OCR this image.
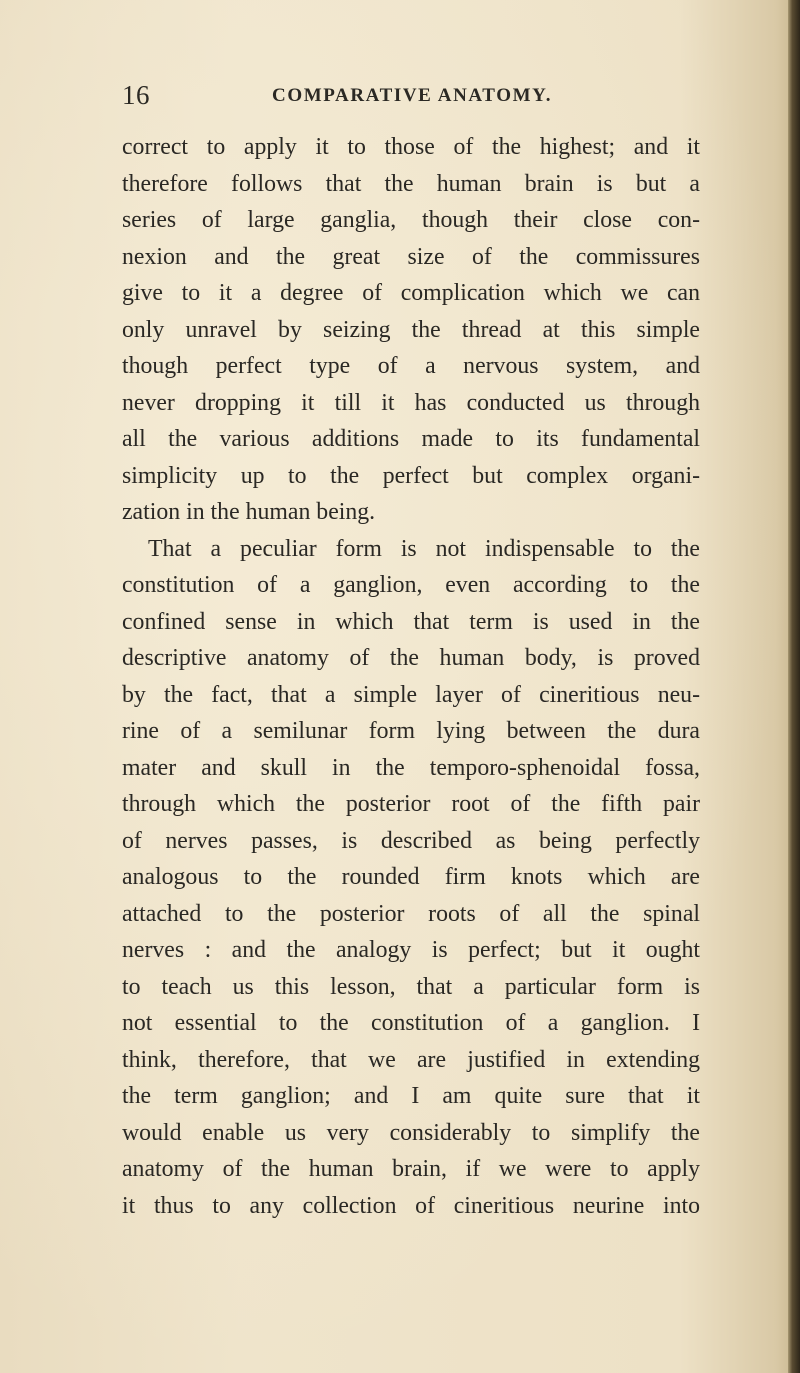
16	COMPARATIVE ANATOMY.
correct to apply it to those of the highest; and it
therefore follows that the human brain is but a
series of large ganglia, though their close con-
nexion and the great size of the commissures
give to it a degree of complication which we can
only unravel by seizing the thread at this simple
though perfect type of a nervous system, and
never dropping it till it has conducted us through
all the various additions made to its fundamental
simplicity up to the perfect but complex organi-
zation in the human being.
That a peculiar form is not indispensable to the
constitution of a ganglion, even according to the
confined sense in which that term is used in the
descriptive anatomy of the human body, is proved
by the fact, that a simple layer of cineritious neu-
rine of a semilunar form lying between the dura
mater and skull in the temporo-sphenoidal fossa,
through which the posterior root of the fifth pair
of nerves passes, is described as being perfectly
analogous to the rounded firm knots which are
attached to the posterior roots of all the spinal
nerves : and the analogy is perfect; but it ought
to teach us this lesson, that a particular form is
not essential to the constitution of a ganglion. I
think, therefore, that we are justified in extending
the term ganglion; and I am quite sure that it
would enable us very considerably to simplify the
anatomy of the human brain, if we were to apply
it thus to any collection of cineritious neurine into
